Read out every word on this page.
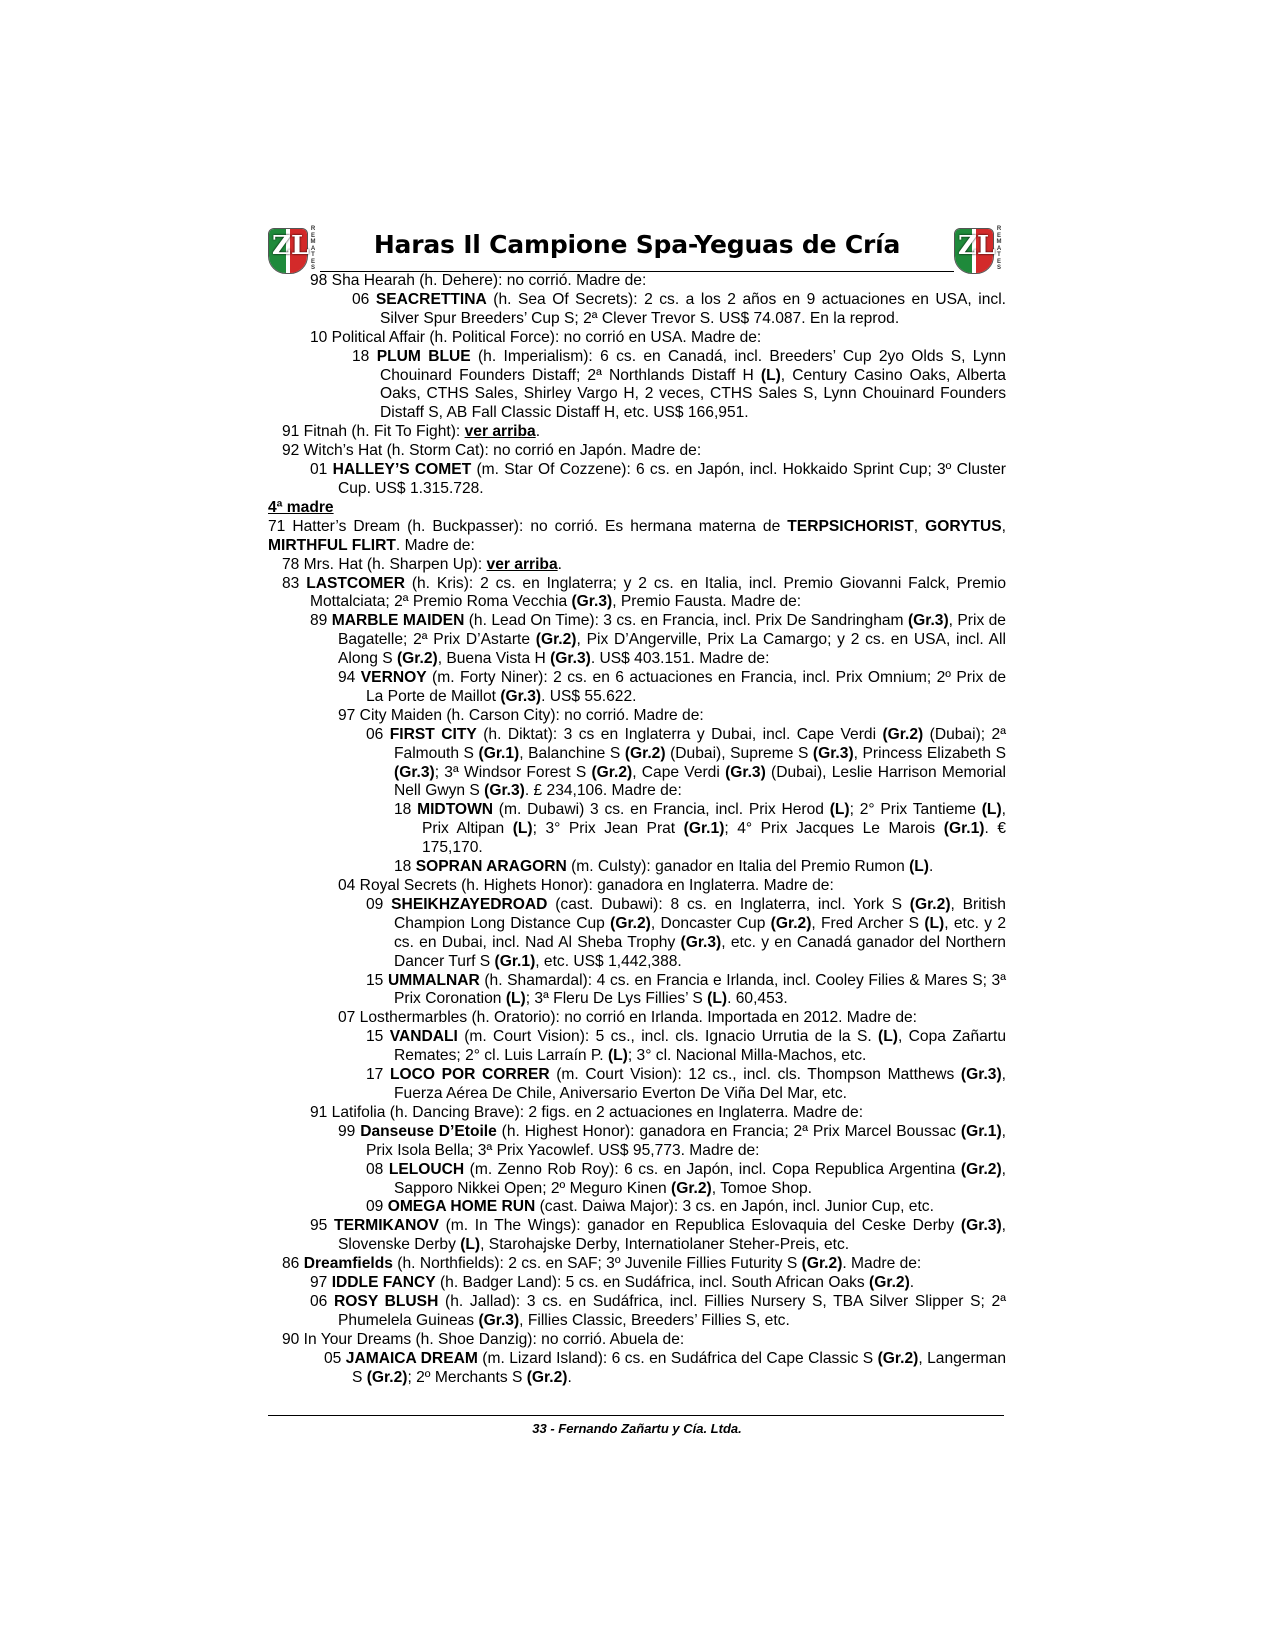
ZL
R
E
M
A
T
E
S
Haras Il Campione Spa-Yeguas de Cría	ZL
R
E
M
A
T
E
S
98 Sha Hearah (h. Dehere): no corrió. Madre de:
06 SEACRETTINA (h. Sea Of Secrets): 2 cs. a los 2 años en 9 actuaciones en USA, incl. Silver Spur Breeders’ Cup S; 2ª Clever Trevor S. US$ 74.087. En la reprod.
10 Political Affair (h. Political Force): no corrió en USA. Madre de:
18 PLUM BLUE (h. Imperialism): 6 cs. en Canadá, incl. Breeders’ Cup 2yo Olds S, Lynn Chouinard Founders Distaff; 2ª Northlands Distaff H (L), Century Casino Oaks, Alberta Oaks, CTHS Sales, Shirley Vargo H, 2 veces, CTHS Sales S, Lynn Chouinard Founders Distaff S, AB Fall Classic Distaff H, etc. US$ 166,951.
91 Fitnah (h. Fit To Fight): ver arriba.
92 Witch’s Hat (h. Storm Cat): no corrió en Japón. Madre de:
01 HALLEY’S COMET (m. Star Of Cozzene): 6 cs. en Japón, incl. Hokkaido Sprint Cup; 3º Cluster Cup. US$ 1.315.728.
4ª madre
71 Hatter’s Dream (h. Buckpasser): no corrió. Es hermana materna de TERPSICHORIST, GORYTUS, MIRTHFUL FLIRT. Madre de:
78 Mrs. Hat (h. Sharpen Up): ver arriba.
83 LASTCOMER (h. Kris): 2 cs. en Inglaterra; y 2 cs. en Italia, incl. Premio Giovanni Falck, Premio Mottalciata; 2ª Premio Roma Vecchia (Gr.3), Premio Fausta. Madre de:
89 MARBLE MAIDEN (h. Lead On Time): 3 cs. en Francia, incl. Prix De Sandringham (Gr.3), Prix de Bagatelle; 2ª Prix D’Astarte (Gr.2), Pix D’Angerville, Prix La Camargo; y 2 cs. en USA, incl. All Along S (Gr.2), Buena Vista H (Gr.3). US$ 403.151. Madre de:
94 VERNOY (m. Forty Niner): 2 cs. en 6 actuaciones en Francia, incl. Prix Omnium; 2º Prix de La Porte de Maillot (Gr.3). US$ 55.622.
97 City Maiden (h. Carson City): no corrió. Madre de:
06 FIRST CITY (h. Diktat): 3 cs en Inglaterra y Dubai, incl. Cape Verdi (Gr.2) (Dubai); 2ª Falmouth S (Gr.1), Balanchine S (Gr.2) (Dubai), Supreme S (Gr.3), Princess Elizabeth S (Gr.3); 3ª Windsor Forest S (Gr.2), Cape Verdi (Gr.3) (Dubai), Leslie Harrison Memorial Nell Gwyn S (Gr.3). £ 234,106. Madre de:
18 MIDTOWN (m. Dubawi) 3 cs. en Francia, incl. Prix Herod (L); 2° Prix Tantieme (L), Prix Altipan (L); 3° Prix Jean Prat (Gr.1); 4° Prix Jacques Le Marois (Gr.1). € 175,170.
18 SOPRAN ARAGORN (m. Culsty): ganador en Italia del Premio Rumon (L).
04 Royal Secrets (h. Highets Honor): ganadora en Inglaterra. Madre de:
09 SHEIKHZAYEDROAD (cast. Dubawi): 8 cs. en Inglaterra, incl. York S (Gr.2), British Champion Long Distance Cup (Gr.2), Doncaster Cup (Gr.2), Fred Archer S (L), etc. y 2 cs. en Dubai, incl. Nad Al Sheba Trophy (Gr.3), etc. y en Canadá ganador del Northern Dancer Turf S (Gr.1), etc. US$ 1,442,388.
15 UMMALNAR (h. Shamardal): 4 cs. en Francia e Irlanda, incl. Cooley Filies & Mares S; 3ª Prix Coronation (L); 3ª Fleru De Lys Fillies’ S (L). 60,453.
07 Losthermarbles (h. Oratorio): no corrió en Irlanda. Importada en 2012. Madre de:
15 VANDALI (m. Court Vision): 5 cs., incl. cls. Ignacio Urrutia de la S. (L), Copa Zañartu Remates; 2° cl. Luis Larraín P. (L); 3° cl. Nacional Milla-Machos, etc.
17 LOCO POR CORRER (m. Court Vision): 12 cs., incl. cls. Thompson Matthews (Gr.3), Fuerza Aérea De Chile, Aniversario Everton De Viña Del Mar, etc.
91 Latifolia (h. Dancing Brave): 2 figs. en 2 actuaciones en Inglaterra. Madre de:
99 Danseuse D’Etoile (h. Highest Honor): ganadora en Francia; 2ª Prix Marcel Boussac (Gr.1), Prix Isola Bella; 3ª Prix Yacowlef. US$ 95,773. Madre de:
08 LELOUCH (m. Zenno Rob Roy): 6 cs. en Japón, incl. Copa Republica Argentina (Gr.2), Sapporo Nikkei Open; 2º Meguro Kinen (Gr.2), Tomoe Shop.
09 OMEGA HOME RUN (cast. Daiwa Major): 3 cs. en Japón, incl. Junior Cup, etc.
95 TERMIKANOV (m. In The Wings): ganador en Republica Eslovaquia del Ceske Derby (Gr.3), Slovenske Derby (L), Starohajske Derby, Internatiolaner Steher-Preis, etc.
86 Dreamfields (h. Northfields): 2 cs. en SAF; 3º Juvenile Fillies Futurity S (Gr.2). Madre de:
97 IDDLE FANCY (h. Badger Land): 5 cs. en Sudáfrica, incl. South African Oaks (Gr.2).
06 ROSY BLUSH (h. Jallad): 3 cs. en Sudáfrica, incl. Fillies Nursery S, TBA Silver Slipper S; 2ª Phumelela Guineas (Gr.3), Fillies Classic, Breeders’ Fillies S, etc.
90 In Your Dreams (h. Shoe Danzig): no corrió. Abuela de:
05 JAMAICA DREAM (m. Lizard Island): 6 cs. en Sudáfrica del Cape Classic S (Gr.2), Langerman S (Gr.2); 2º Merchants S (Gr.2).
33 - Fernando Zañartu y Cía. Ltda.
